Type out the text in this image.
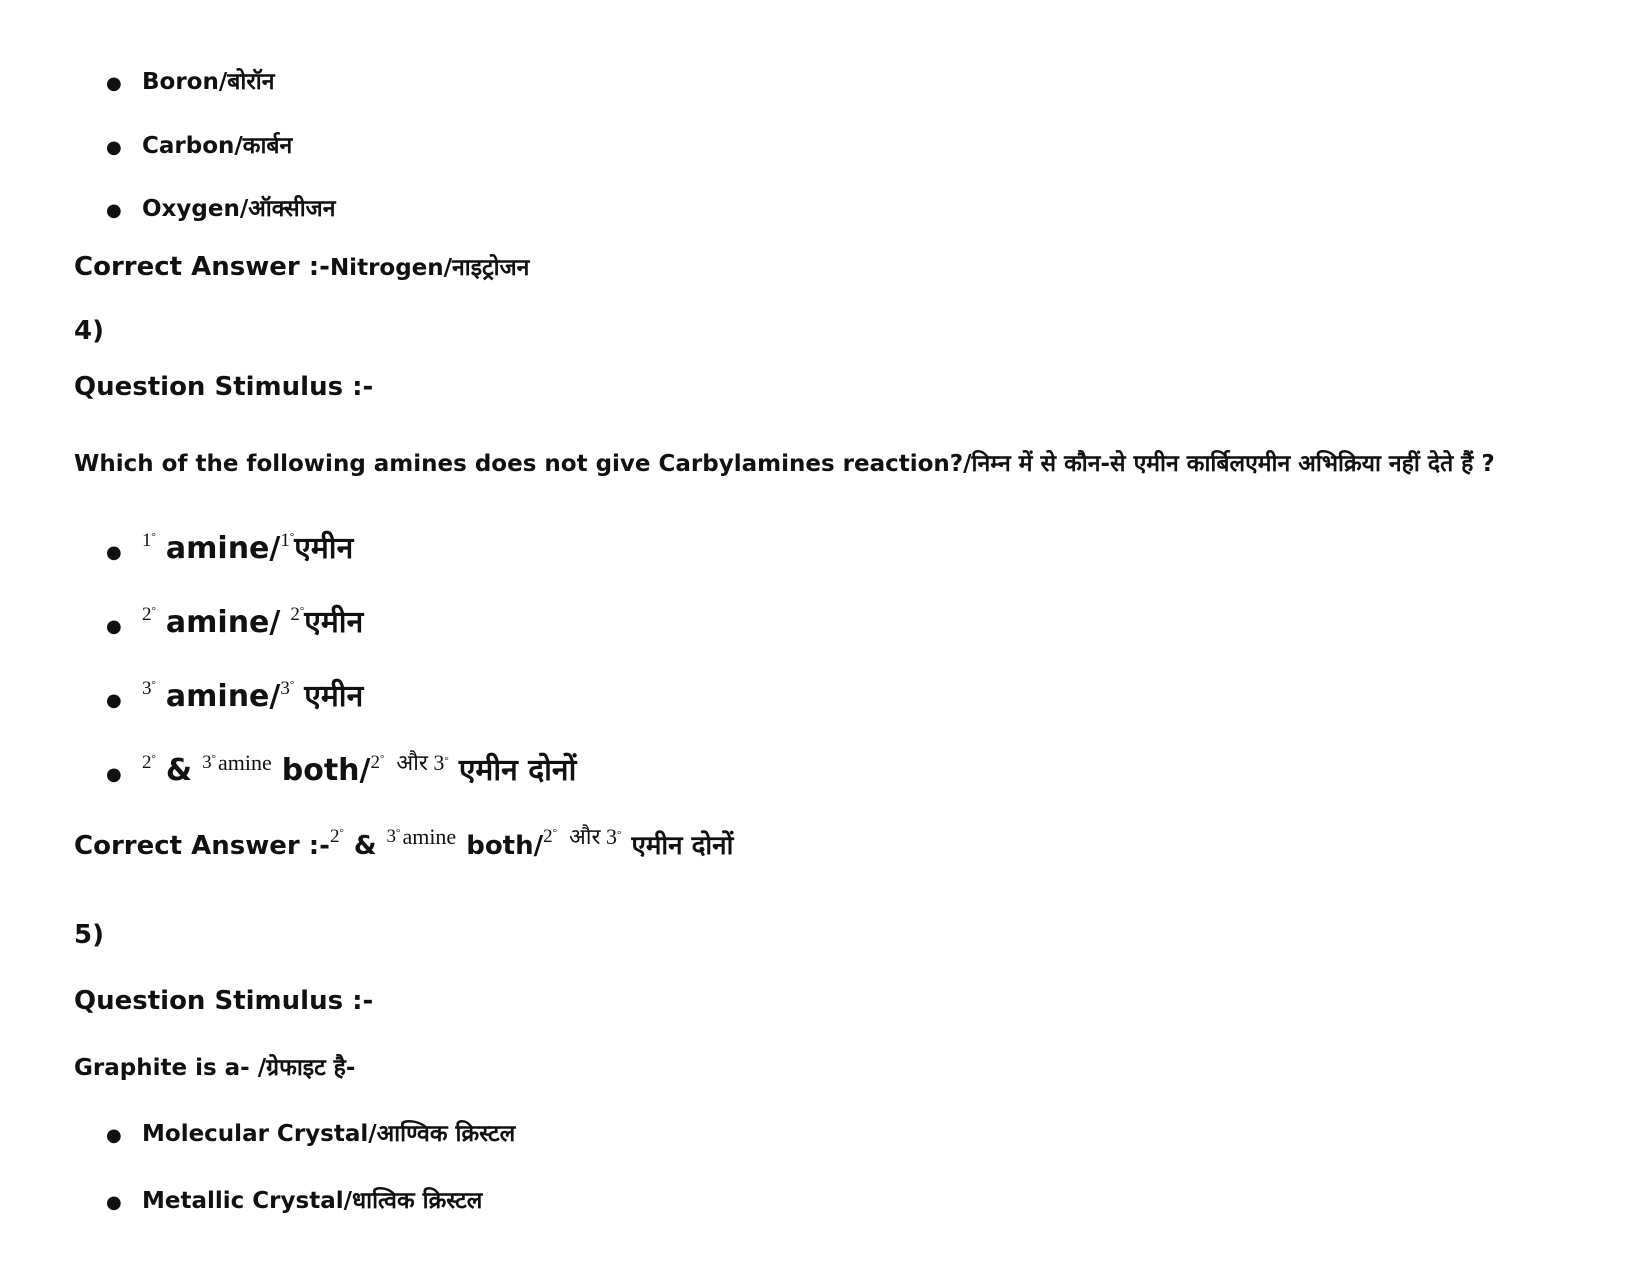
● Boron/बोरॉन
● Carbon/कार्बन
● Oxygen/ऑक्सीजन
Correct Answer :-Nitrogen/नाइट्रोजन
4)
Question Stimulus :-
Which of the following amines does not give Carbylamines reaction?/निम्न में से कौन-से एमीन कार्बिलएमीन अभिक्रिया नहीं देते हैं ?
●
1° amine/ 1° एमीन
●
2° amine/ 2° एमीन
●
3° amine/ 3° एमीन
●
2° & 3° amine both/ 2° और 3° एमीन दोनों
Correct Answer :- 2° & 3° amine both/ 2° और 3° एमीन दोनों
5)
Question Stimulus :-
Graphite is a- /ग्रेफाइट है-
● Molecular Crystal/आण्विक क्रिस्टल
● Metallic Crystal/धात्विक क्रिस्टल
